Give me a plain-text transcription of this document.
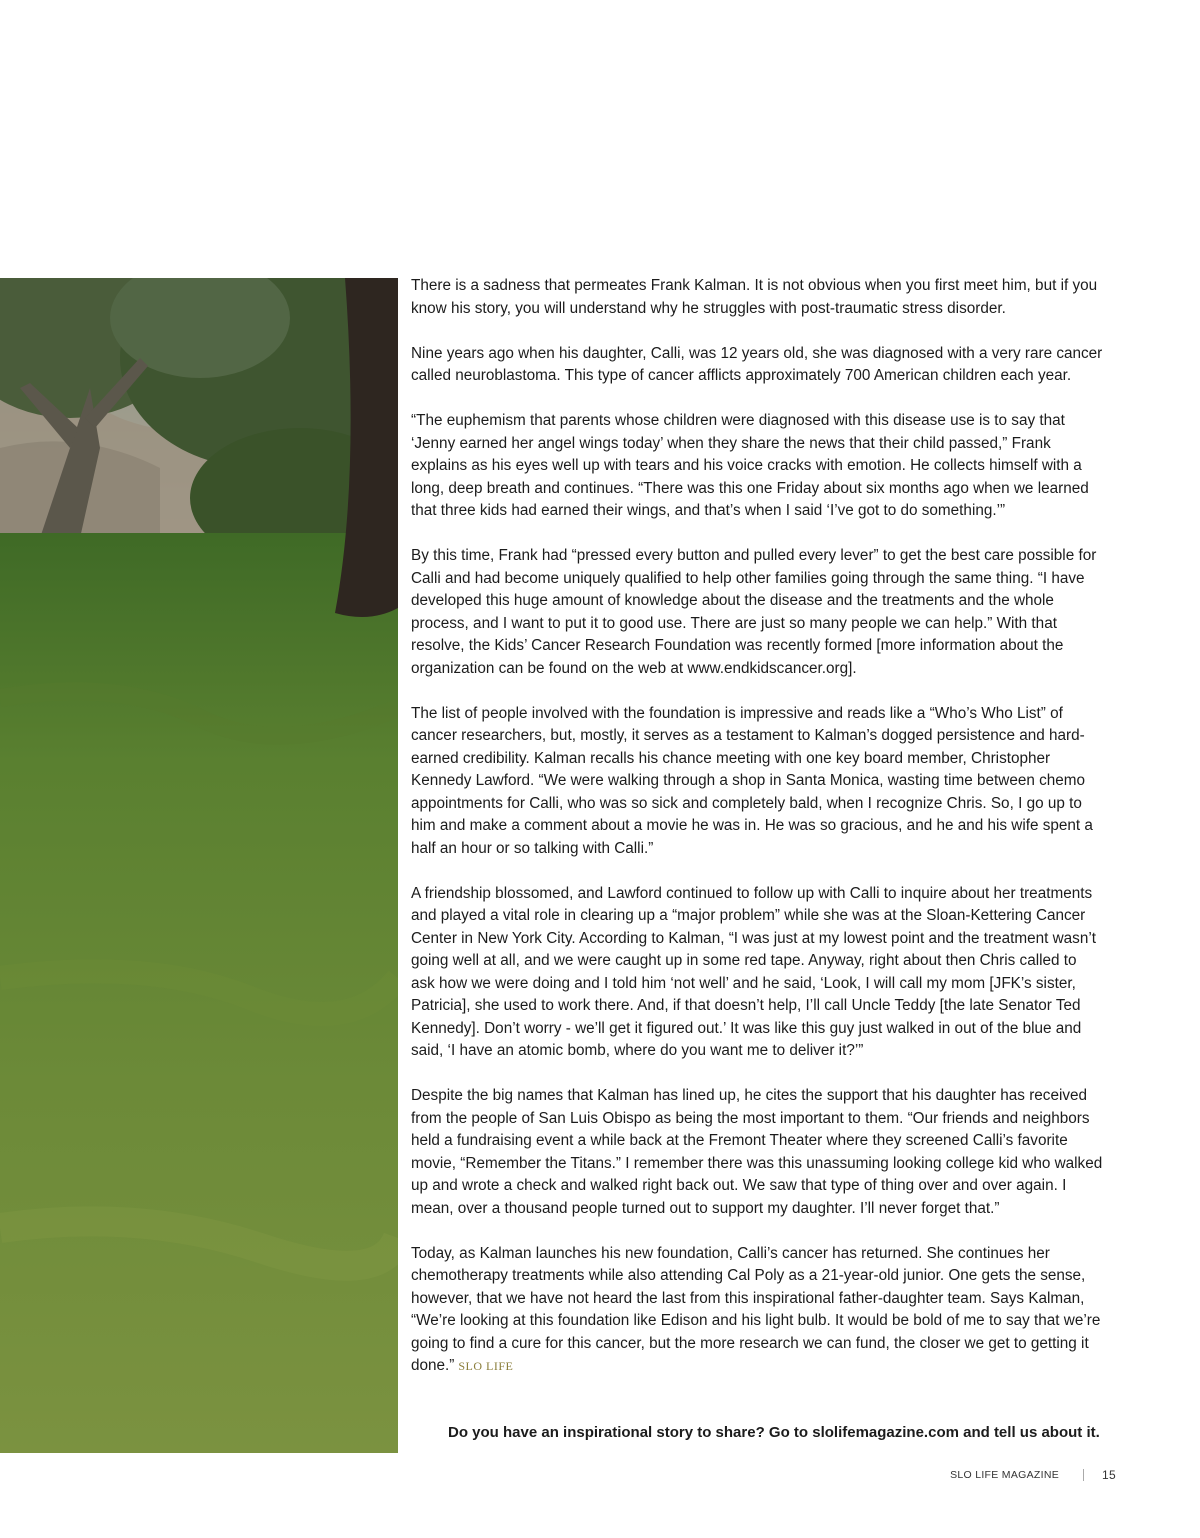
There is a sadness that permeates Frank Kalman. It is not obvious when you first meet him, but if you know his story, you will understand why he struggles with post-traumatic stress disorder.

Nine years ago when his daughter, Calli, was 12 years old, she was diagnosed with a very rare cancer called neuroblastoma. This type of cancer afflicts approximately 700 American children each year.

“The euphemism that parents whose children were diagnosed with this disease use is to say that ‘Jenny earned her angel wings today’ when they share the news that their child passed,” Frank explains as his eyes well up with tears and his voice cracks with emotion. He collects himself with a long, deep breath and continues. “There was this one Friday about six months ago when we learned that three kids had earned their wings, and that’s when I said ‘I’ve got to do something.’”

By this time, Frank had “pressed every button and pulled every lever” to get the best care possible for Calli and had become uniquely qualified to help other families going through the same thing. “I have developed this huge amount of knowledge about the disease and the treatments and the whole process, and I want to put it to good use. There are just so many people we can help.” With that resolve, the Kids’ Cancer Research Foundation was recently formed [more information about the organization can be found on the web at www.endkidscancer.org].

The list of people involved with the foundation is impressive and reads like a “Who’s Who List” of cancer researchers, but, mostly, it serves as a testament to Kalman’s dogged persistence and hard-earned credibility. Kalman recalls his chance meeting with one key board member, Christopher Kennedy Lawford. “We were walking through a shop in Santa Monica, wasting time between chemo appointments for Calli, who was so sick and completely bald, when I recognize Chris. So, I go up to him and make a comment about a movie he was in. He was so gracious, and he and his wife spent a half an hour or so talking with Calli.”

A friendship blossomed, and Lawford continued to follow up with Calli to inquire about her treatments and played a vital role in clearing up a “major problem” while she was at the Sloan-Kettering Cancer Center in New York City. According to Kalman, “I was just at my lowest point and the treatment wasn’t going well at all, and we were caught up in some red tape. Anyway, right about then Chris called to ask how we were doing and I told him ‘not well’ and he said, ‘Look, I will call my mom [JFK’s sister, Patricia], she used to work there. And, if that doesn’t help, I’ll call Uncle Teddy [the late Senator Ted Kennedy]. Don’t worry - we’ll get it figured out.’ It was like this guy just walked in out of the blue and said, ‘I have an atomic bomb, where do you want me to deliver it?’”

Despite the big names that Kalman has lined up, he cites the support that his daughter has received from the people of San Luis Obispo as being the most important to them. “Our friends and neighbors held a fundraising event a while back at the Fremont Theater where they screened Calli’s favorite movie, “Remember the Titans.” I remember there was this unassuming looking college kid who walked up and wrote a check and walked right back out. We saw that type of thing over and over again. I mean, over a thousand people turned out to support my daughter. I’ll never forget that.”

Today, as Kalman launches his new foundation, Calli’s cancer has returned. She continues her chemotherapy treatments while also attending Cal Poly as a 21-year-old junior. One gets the sense, however, that we have not heard the last from this inspirational father-daughter team. Says Kalman, “We’re looking at this foundation like Edison and his light bulb. It would be bold of me to say that we’re going to find a cure for this cancer, but the more research we can fund, the closer we get to getting it done.” SLO LIFE

Do you have an inspirational story to share? Go to slolifemagazine.com and tell us about it.
SLO LIFE MAGAZINE	15
